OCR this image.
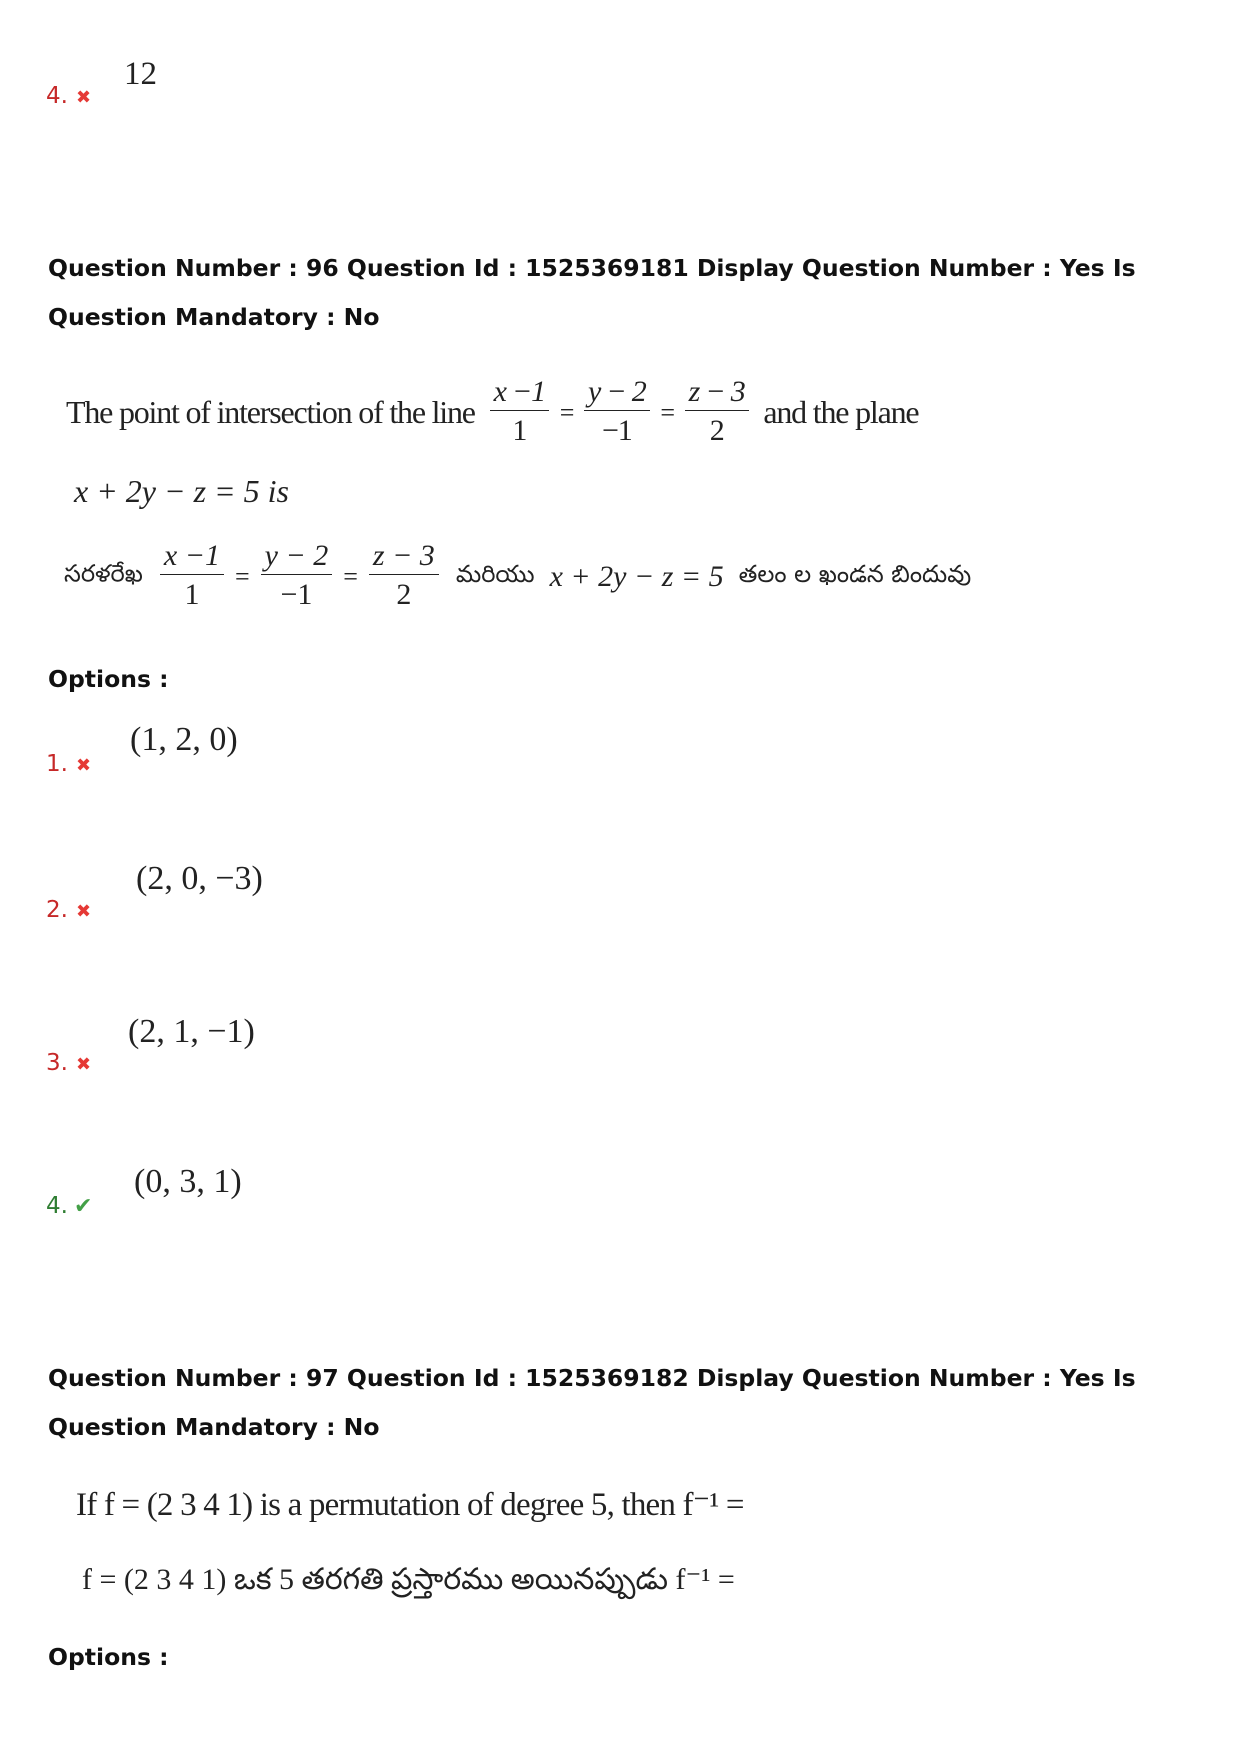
4. ✖
12
Question Number : 96 Question Id : 1525369181 Display Question Number : Yes Is Question Mandatory : No
The point of intersection of the line $\frac{x -1}{1} = \frac{y - 2}{-1} = \frac{z - 3}{2}$ and the plane
x + 2y − z = 5 is
సరళరేఖ $\frac{x -1}{1} = \frac{y - 2}{-1} = \frac{z - 3}{2}$ మరియు x + 2y − z = 5 తలం ల ఖండన బిందువు
Options :
1. ✖
(1, 2, 0)
2. ✖
(2, 0, −3)
3. ✖
(2, 1, −1)
4. ✔
(0, 3, 1)
Question Number : 97 Question Id : 1525369182 Display Question Number : Yes Is Question Mandatory : No
If f = (2 3 4 1) is a permutation of degree 5, then f⁻¹ =
f = (2 3 4 1) ఒక 5 తరగతి ప్రస్తారము అయినప్పుడు f⁻¹ =
Options :
